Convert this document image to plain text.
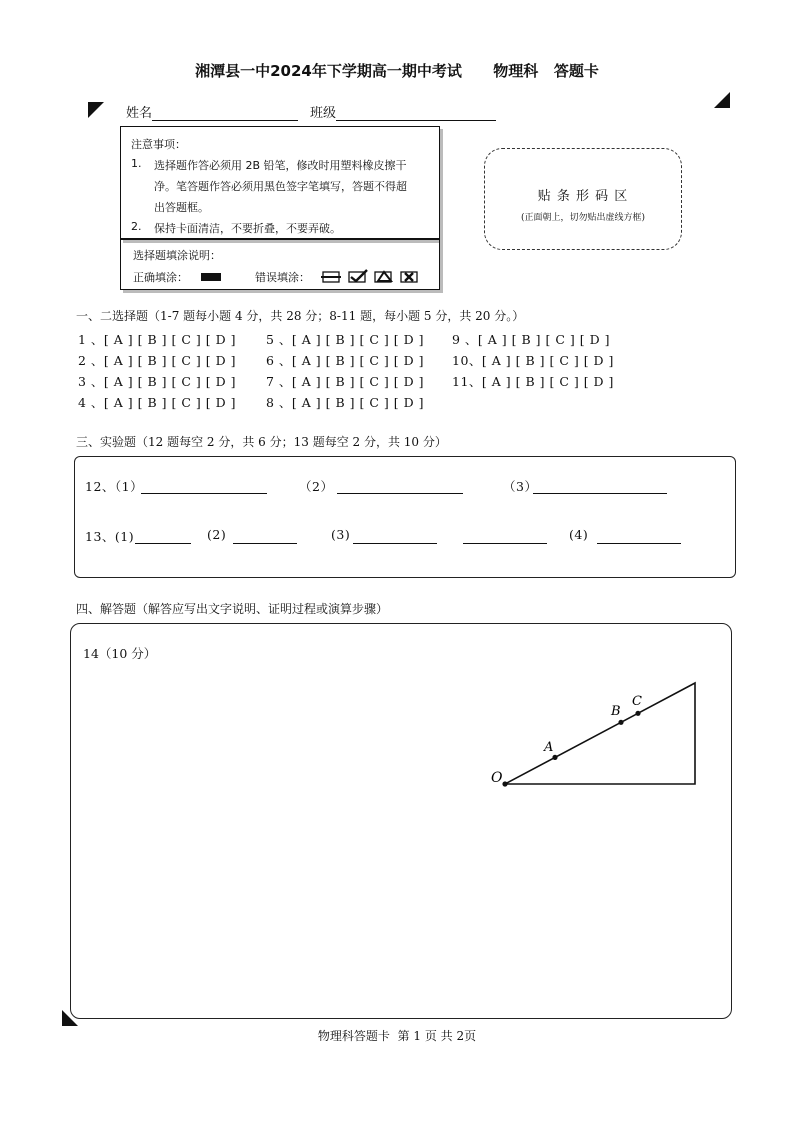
湘潭县一中2024年下学期高一期中考试 物理科 答题卡
姓名	班级
注意事项：
1. 选择题作答必须用 2B 铅笔，修改时用塑料橡皮擦干
净。笔答题作答必须用黑色签字笔填写，答题不得超
出答题框。
2. 保持卡面清洁，不要折叠，不要弄破。
选择题填涂说明：
正确填涂：	错误填涂：
贴 条 形 码 区
(正面朝上，切勿贴出虚线方框)
一、二选择题（1-7 题每小题 4 分，共 28 分；8-11 题，每小题 5 分，共 20 分。）
1 、[ A ] [ B ] [ C ] [ D ]
2 、[ A ] [ B ] [ C ] [ D ]
3 、[ A ] [ B ] [ C ] [ D ]
4 、[ A ] [ B ] [ C ] [ D ]
5 、[ A ] [ B ] [ C ] [ D ]
6 、[ A ] [ B ] [ C ] [ D ]
7 、[ A ] [ B ] [ C ] [ D ]
8 、[ A ] [ B ] [ C ] [ D ]
9 、[ A ] [ B ] [ C ] [ D ]
10、[ A ] [ B ] [ C ] [ D ]
11、[ A ] [ B ] [ C ] [ D ]
三、实验题（12 题每空 2 分，共 6 分；13 题每空 2 分，共 10 分）
12、（1）	（2）	（3）
13、(1)	(2)	(3)	(4)
四、解答题（解答应写出文字说明、证明过程或演算步骤）
14（10 分）
O
A
B
C
物理科答题卡 第 1 页 共 2页
